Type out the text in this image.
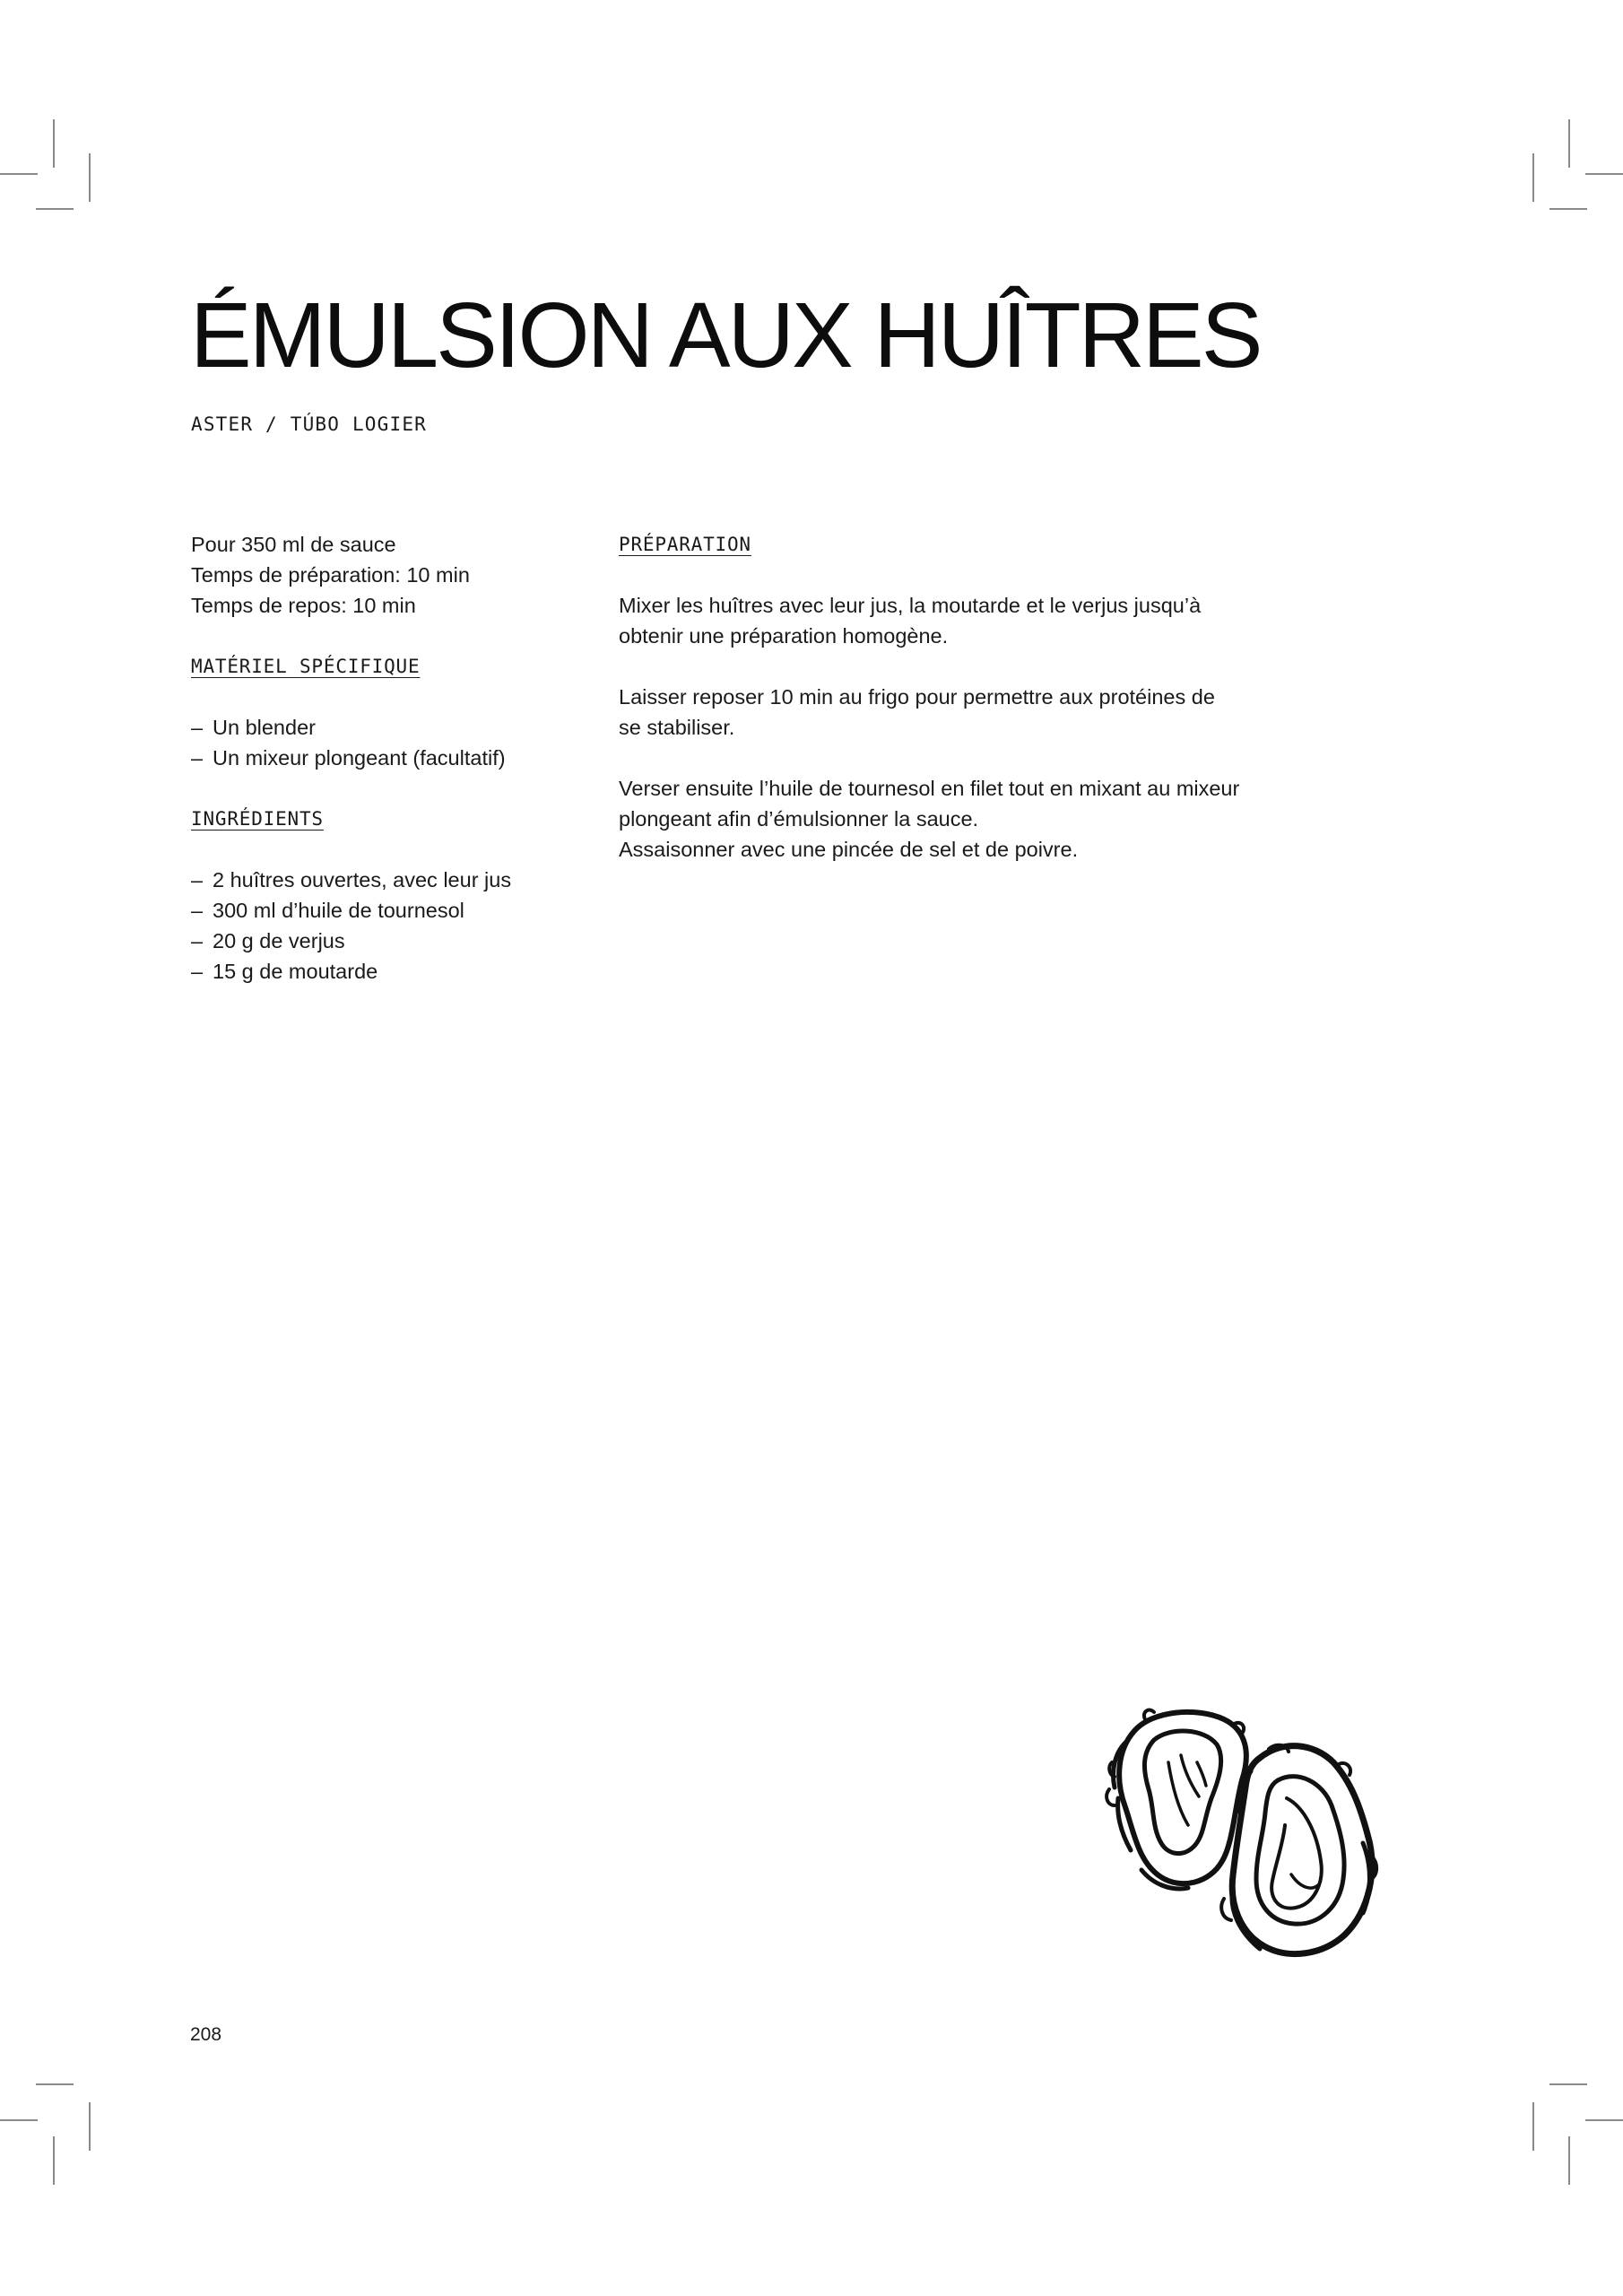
ÉMULSION AUX HUÎTRES
ASTER / TÚBO LOGIER
Pour 350 ml de sauce
Temps de préparation: 10 min
Temps de repos: 10 min
MATÉRIEL SPÉCIFIQUE
– Un blender
– Un mixeur plongeant (facultatif)
INGRÉDIENTS
– 2 huîtres ouvertes, avec leur jus
– 300 ml d’huile de tournesol
– 20 g de verjus
– 15 g de moutarde
PRÉPARATION
Mixer les huîtres avec leur jus, la moutarde et le verjus jusqu’à
obtenir une préparation homogène.
Laisser reposer 10 min au frigo pour permettre aux protéines de
se stabiliser.
Verser ensuite l’huile de tournesol en filet tout en mixant au mixeur
plongeant afin d’émulsionner la sauce.
Assaisonner avec une pincée de sel et de poivre.
208
